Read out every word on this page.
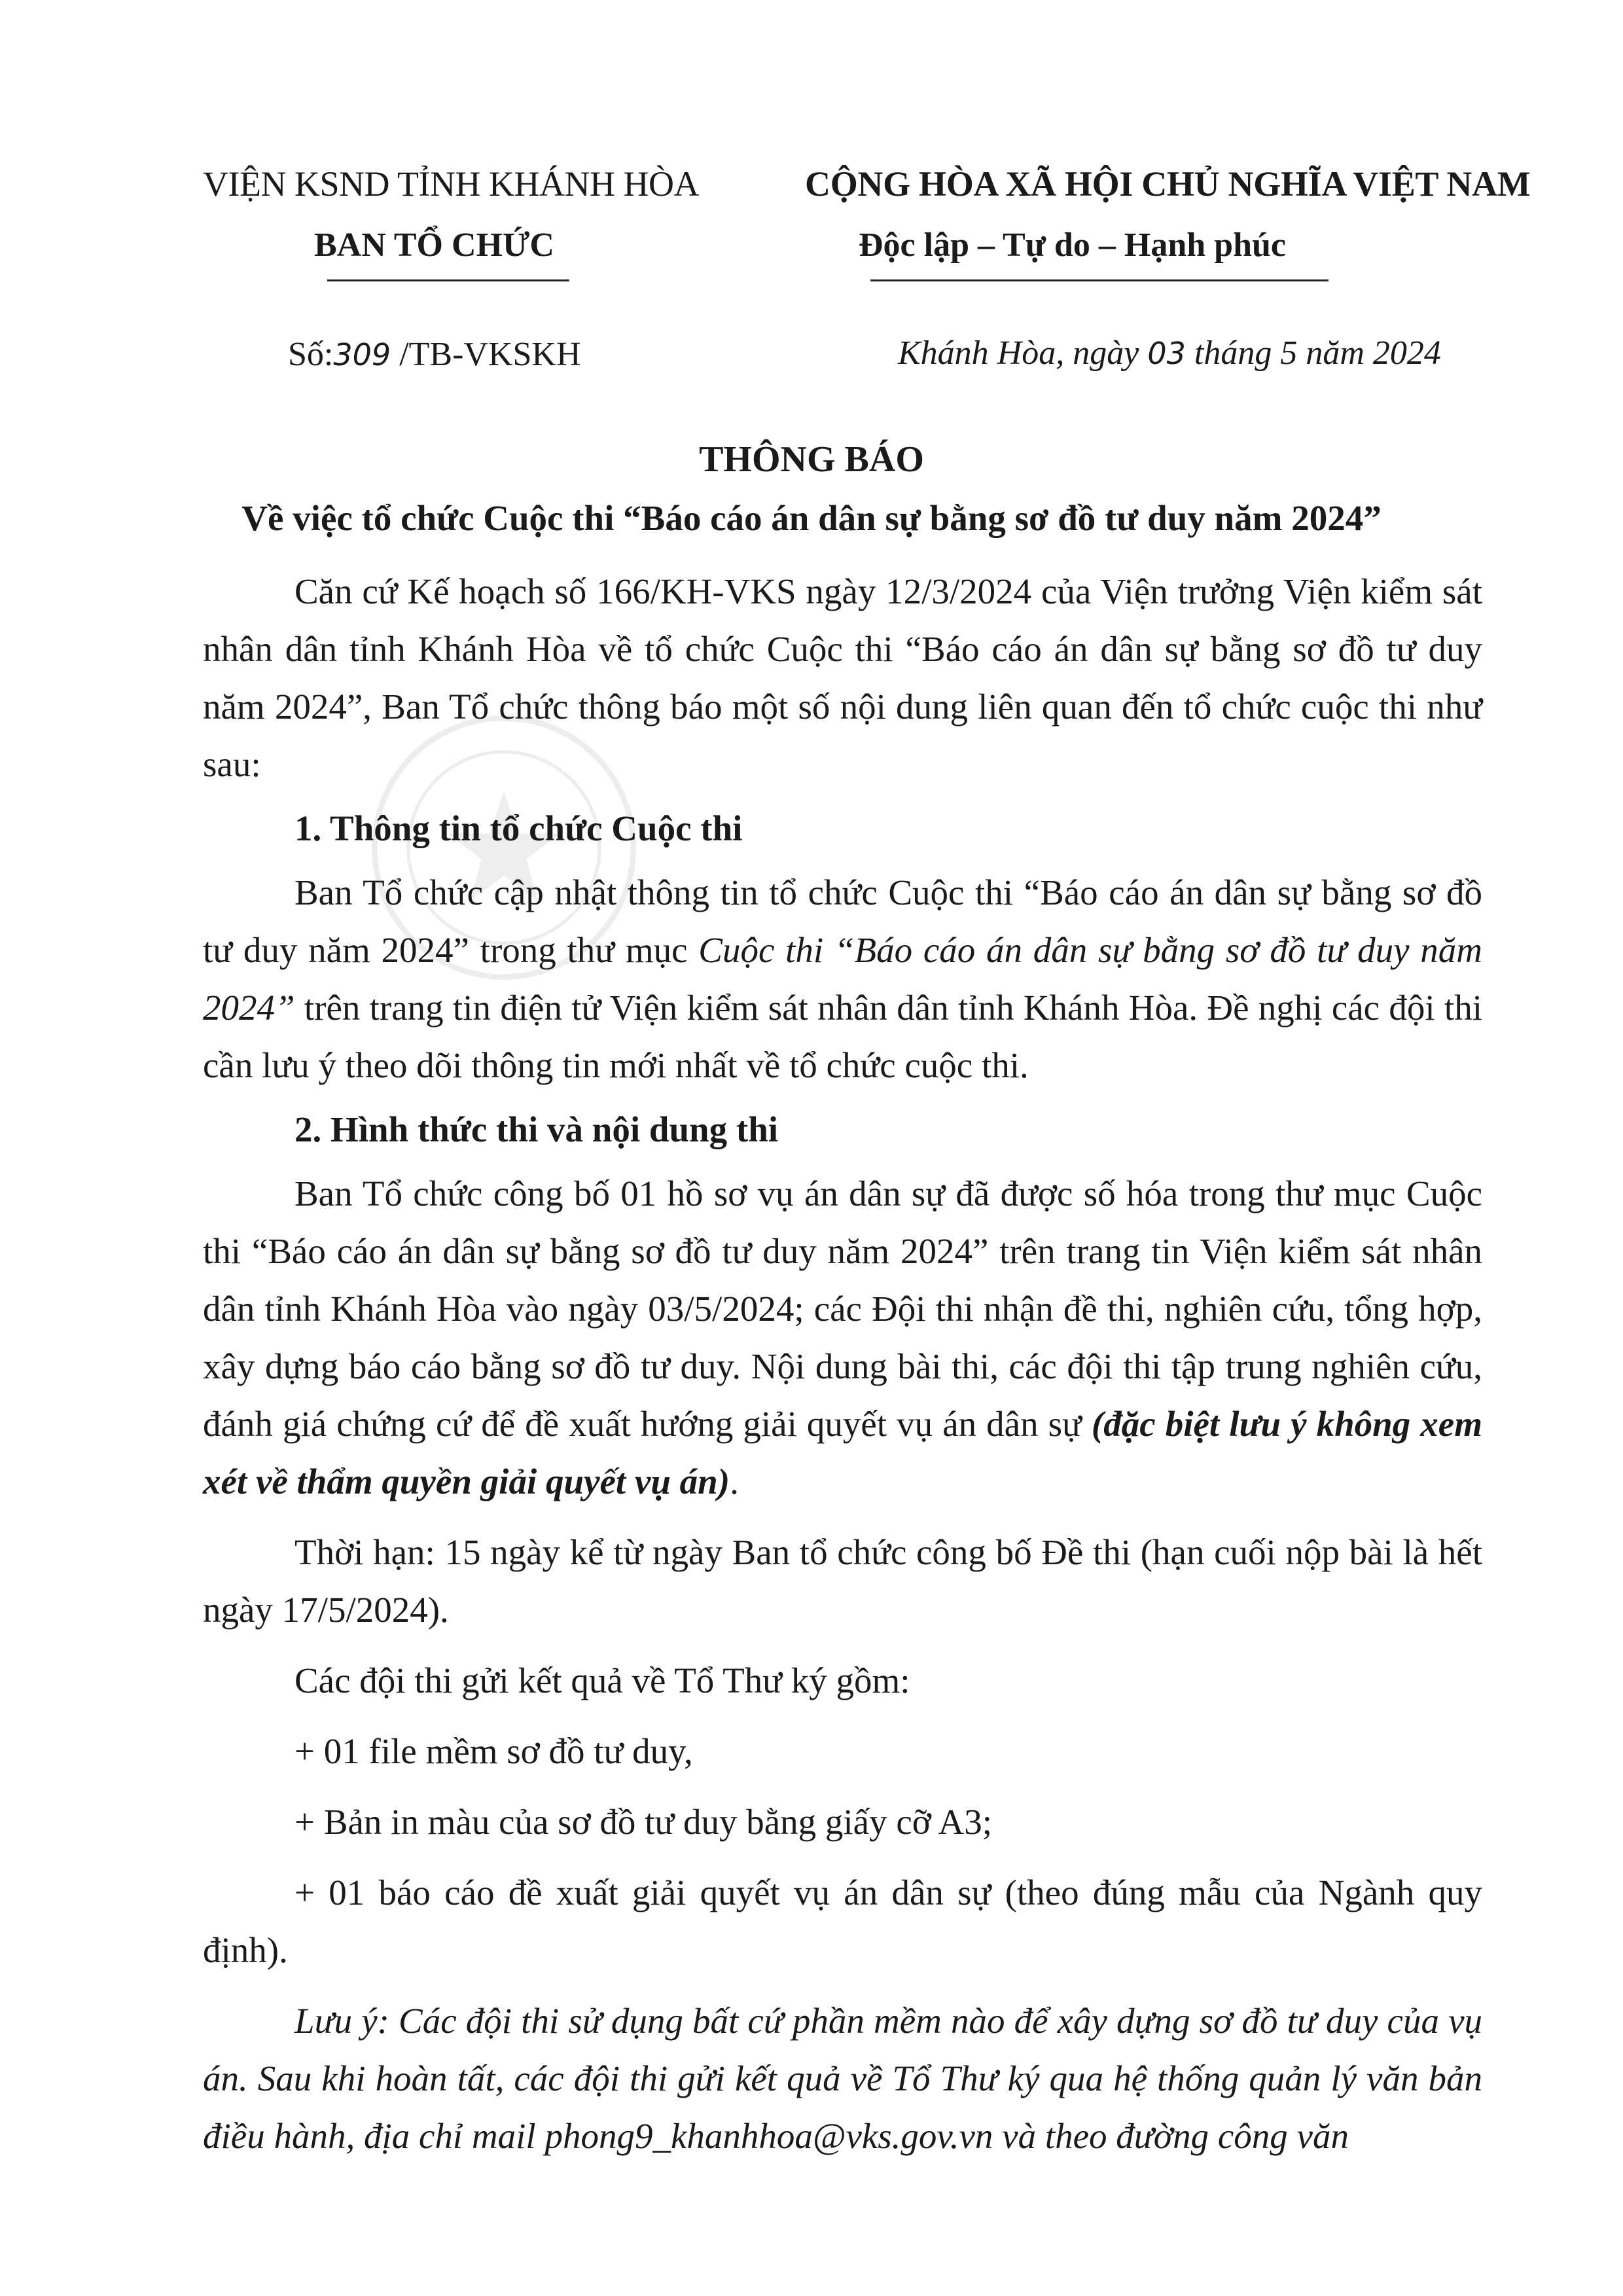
VIỆN KSND TỈNH KHÁNH HÒA	CỘNG HÒA XÃ HỘI CHỦ NGHĨA VIỆT NAM
BAN TỔ CHỨC	Độc lập – Tự do – Hạnh phúc
Số:309 /TB-VKSKH	Khánh Hòa, ngày 03 tháng 5 năm 2024
THÔNG BÁO
Về việc tổ chức Cuộc thi “Báo cáo án dân sự bằng sơ đồ tư duy năm 2024”

Căn cứ Kế hoạch số 166/KH-VKS ngày 12/3/2024 của Viện trưởng Viện kiểm sát nhân dân tỉnh Khánh Hòa về tổ chức Cuộc thi “Báo cáo án dân sự bằng sơ đồ tư duy năm 2024”, Ban Tổ chức thông báo một số nội dung liên quan đến tổ chức cuộc thi như sau:

1. Thông tin tổ chức Cuộc thi

Ban Tổ chức cập nhật thông tin tổ chức Cuộc thi “Báo cáo án dân sự bằng sơ đồ tư duy năm 2024” trong thư mục Cuộc thi “Báo cáo án dân sự bằng sơ đồ tư duy năm 2024” trên trang tin điện tử Viện kiểm sát nhân dân tỉnh Khánh Hòa. Đề nghị các đội thi cần lưu ý theo dõi thông tin mới nhất về tổ chức cuộc thi.

2. Hình thức thi và nội dung thi

Ban Tổ chức công bố 01 hồ sơ vụ án dân sự đã được số hóa trong thư mục Cuộc thi “Báo cáo án dân sự bằng sơ đồ tư duy năm 2024” trên trang tin Viện kiểm sát nhân dân tỉnh Khánh Hòa vào ngày 03/5/2024; các Đội thi nhận đề thi, nghiên cứu, tổng hợp, xây dựng báo cáo bằng sơ đồ tư duy. Nội dung bài thi, các đội thi tập trung nghiên cứu, đánh giá chứng cứ để đề xuất hướng giải quyết vụ án dân sự (đặc biệt lưu ý không xem xét về thẩm quyền giải quyết vụ án).

Thời hạn: 15 ngày kể từ ngày Ban tổ chức công bố Đề thi (hạn cuối nộp bài là hết ngày 17/5/2024).

Các đội thi gửi kết quả về Tổ Thư ký gồm:

+ 01 file mềm sơ đồ tư duy,

+ Bản in màu của sơ đồ tư duy bằng giấy cỡ A3;

+ 01 báo cáo đề xuất giải quyết vụ án dân sự (theo đúng mẫu của Ngành quy định).

Lưu ý: Các đội thi sử dụng bất cứ phần mềm nào để xây dựng sơ đồ tư duy của vụ án. Sau khi hoàn tất, các đội thi gửi kết quả về Tổ Thư ký qua hệ thống quản lý văn bản điều hành, địa chỉ mail phong9_khanhhoa@vks.gov.vn và theo đường công văn
